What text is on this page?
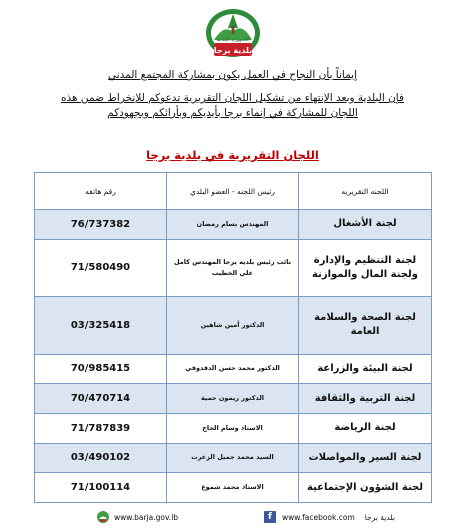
بلدية برجا
الجمهورية اللبنانية
إيماناً بأن النجاح في العمل يكون بمشاركة المجتمع المدني
فإن البلدية وبعد الإنتهاء من تشكيل اللجان التقريرية تدعوكم للإنخراط ضمن هذه
اللجان للمشاركة في إنماء برجا بأيديكم وبأرائكم وبجهودكم
اللجان التقريرية في بلدية برجا
اللجنه التقريريه	رئيس اللجنه - العضو البلدي	رقم هاتفه
لجنة الأشغال	المهندس بسام رمضان	76/737382
لجنة التنظيم والإدارة ولجنة المال والموازنة	نائب رئيس بلديه برجا المهندس كامل علي الخطيب	71/580490
لجنة الصحة والسلامة العامة	الدكتور أمين شاهين	03/325418
لجنة البيئة والزراعة	الدكتور محمد حسن الدقدوقي	70/985415
لجنة التربية والثقافة	الدكتور ريمون حمية	70/470714
لجنة الرياضة	الاستاذ وسام الحاج	71/787839
لجنة السير والمواصلات	السيد محمد جميل الزعرت	03/490102
لجنة الشؤون الإجتماعية	الاستاذ محمد شموع	71/100114
www.barja.gov.lb	f	www.facebook.com بلدية برجا
